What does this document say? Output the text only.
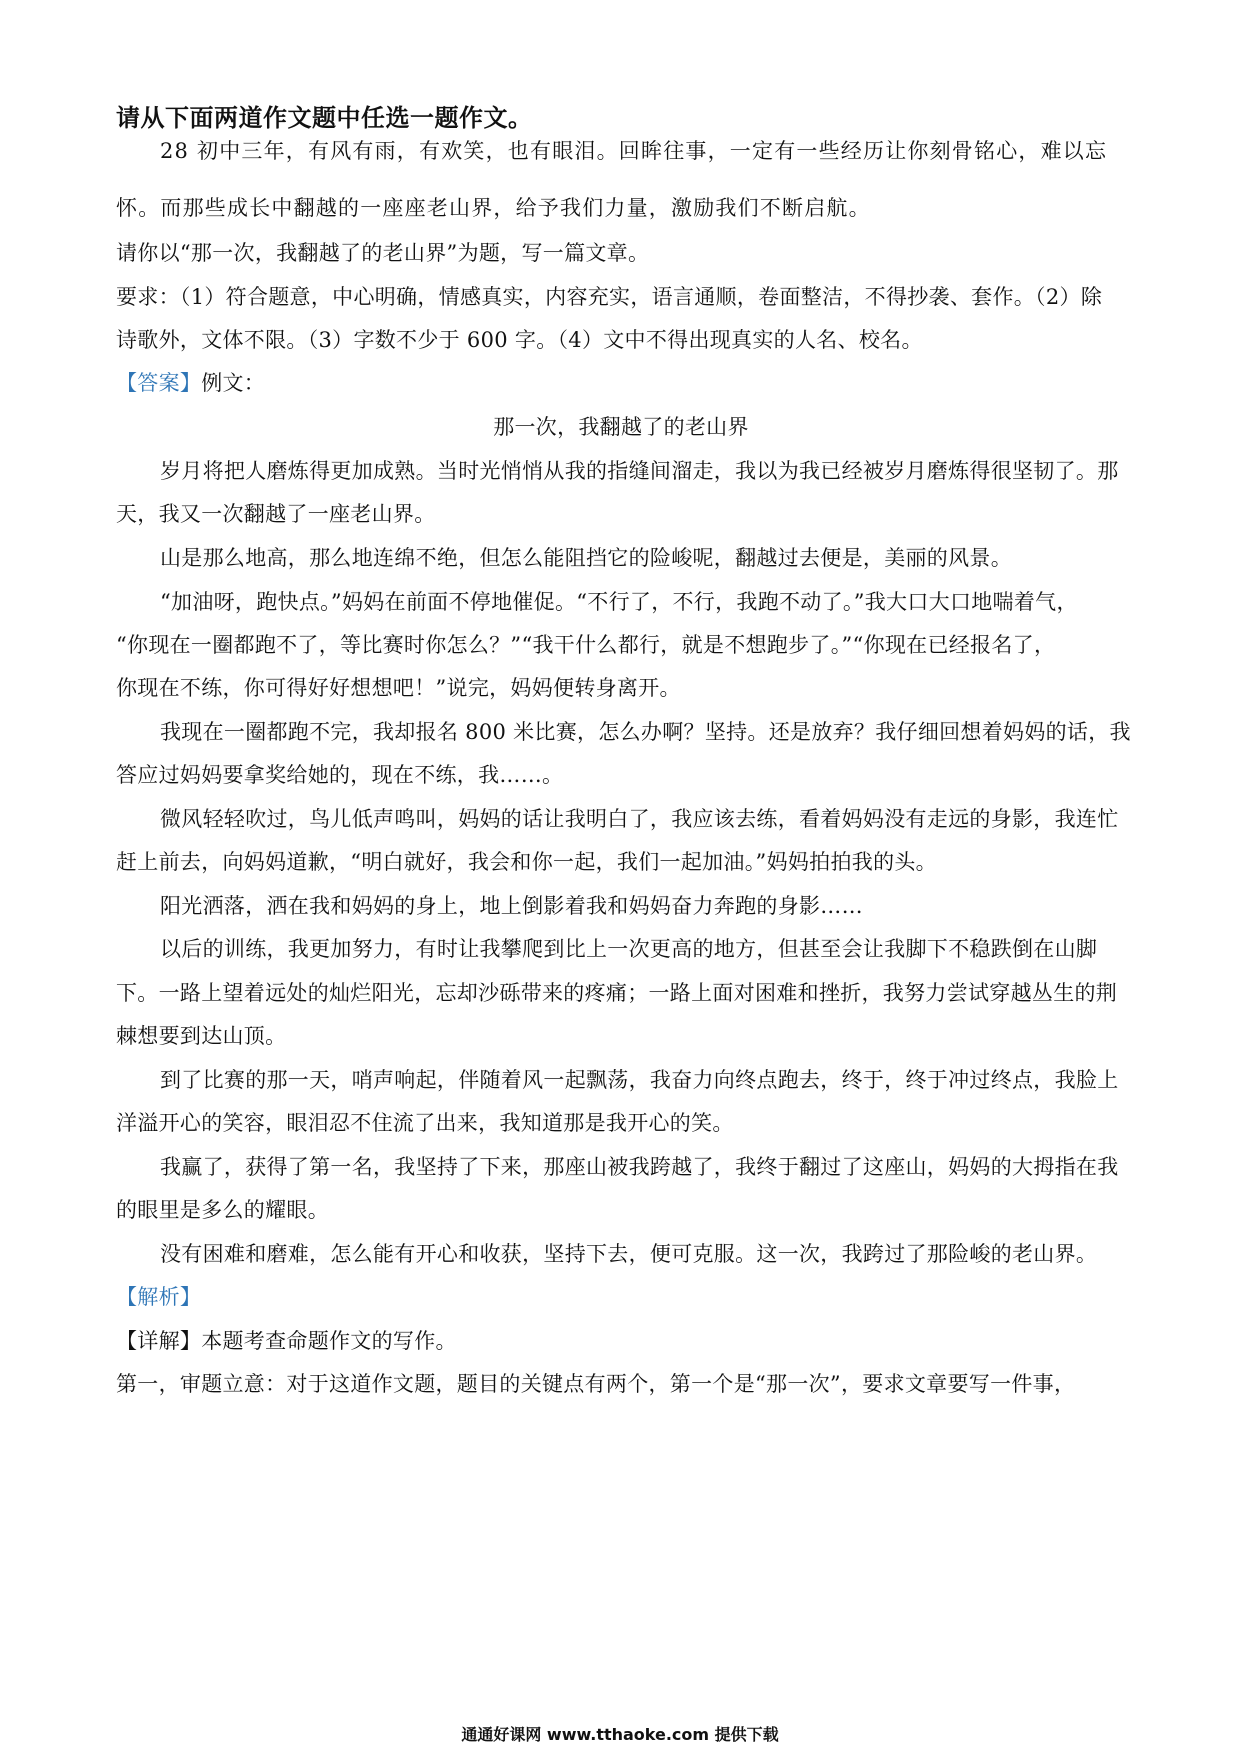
请从下面两道作文题中任选一题作文。
28 初中三年，有风有雨，有欢笑，也有眼泪。回眸往事，一定有一些经历让你刻骨铭心，难以忘
怀。而那些成长中翻越的一座座老山界，给予我们力量，激励我们不断启航。
请你以“那一次，我翻越了的老山界”为题，写一篇文章。
要求：（1）符合题意，中心明确，情感真实，内容充实，语言通顺，卷面整洁，不得抄袭、套作。（2）除
诗歌外，文体不限。（3）字数不少于 600 字。（4）文中不得出现真实的人名、校名。
【答案】例文：
那一次，我翻越了的老山界
岁月将把人磨炼得更加成熟。当时光悄悄从我的指缝间溜走，我以为我已经被岁月磨炼得很坚韧了。那
天，我又一次翻越了一座老山界。
山是那么地高，那么地连绵不绝，但怎么能阻挡它的险峻呢，翻越过去便是，美丽的风景。
“加油呀，跑快点。”妈妈在前面不停地催促。“不行了，不行，我跑不动了。”我大口大口地喘着气，
“你现在一圈都跑不了，等比赛时你怎么？”“我干什么都行，就是不想跑步了。”“你现在已经报名了，
你现在不练，你可得好好想想吧！”说完，妈妈便转身离开。
我现在一圈都跑不完，我却报名 800 米比赛，怎么办啊？坚持。还是放弃？我仔细回想着妈妈的话，我
答应过妈妈要拿奖给她的，现在不练，我……。
微风轻轻吹过，鸟儿低声鸣叫，妈妈的话让我明白了，我应该去练，看着妈妈没有走远的身影，我连忙
赶上前去，向妈妈道歉，“明白就好，我会和你一起，我们一起加油。”妈妈拍拍我的头。
阳光洒落，洒在我和妈妈的身上，地上倒影着我和妈妈奋力奔跑的身影……
以后的训练，我更加努力，有时让我攀爬到比上一次更高的地方，但甚至会让我脚下不稳跌倒在山脚
下。一路上望着远处的灿烂阳光，忘却沙砾带来的疼痛；一路上面对困难和挫折，我努力尝试穿越丛生的荆
棘想要到达山顶。
到了比赛的那一天，哨声响起，伴随着风一起飘荡，我奋力向终点跑去，终于，终于冲过终点，我脸上
洋溢开心的笑容，眼泪忍不住流了出来，我知道那是我开心的笑。
我赢了，获得了第一名，我坚持了下来，那座山被我跨越了，我终于翻过了这座山，妈妈的大拇指在我
的眼里是多么的耀眼。
没有困难和磨难，怎么能有开心和收获，坚持下去，便可克服。这一次，我跨过了那险峻的老山界。
【解析】
【详解】本题考查命题作文的写作。
第一，审题立意：对于这道作文题，题目的关键点有两个，第一个是“那一次”，要求文章要写一件事，
通通好课网 www.tthaoke.com 提供下载
